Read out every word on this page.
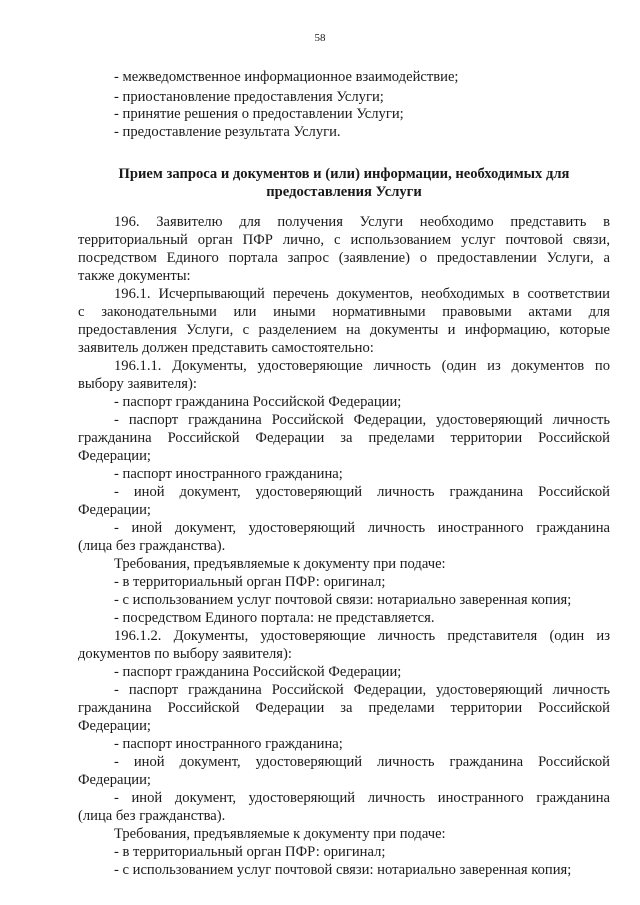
58
- межведомственное информационное взаимодействие;
- приостановление предоставления Услуги;
- принятие решения о предоставлении Услуги;
- предоставление результата Услуги.
Прием запроса и документов и (или) информации, необходимых для
предоставления Услуги
196. Заявителю для получения Услуги необходимо представить в
территориальный орган ПФР лично, с использованием услуг почтовой связи,
посредством Единого портала запрос (заявление) о предоставлении Услуги, а
также документы:
196.1. Исчерпывающий перечень документов, необходимых в соответствии
с законодательными или иными нормативными правовыми актами для
предоставления Услуги, с разделением на документы и информацию, которые
заявитель должен представить самостоятельно:
196.1.1. Документы, удостоверяющие личность (один из документов по
выбору заявителя):
- паспорт гражданина Российской Федерации;
- паспорт гражданина Российской Федерации, удостоверяющий личность
гражданина Российской Федерации за пределами территории Российской
Федерации;
- паспорт иностранного гражданина;
- иной документ, удостоверяющий личность гражданина Российской
Федерации;
- иной документ, удостоверяющий личность иностранного гражданина
(лица без гражданства).
Требования, предъявляемые к документу при подаче:
- в территориальный орган ПФР: оригинал;
- с использованием услуг почтовой связи: нотариально заверенная копия;
- посредством Единого портала: не представляется.
196.1.2. Документы, удостоверяющие личность представителя (один из
документов по выбору заявителя):
- паспорт гражданина Российской Федерации;
- паспорт гражданина Российской Федерации, удостоверяющий личность
гражданина Российской Федерации за пределами территории Российской
Федерации;
- паспорт иностранного гражданина;
- иной документ, удостоверяющий личность гражданина Российской
Федерации;
- иной документ, удостоверяющий личность иностранного гражданина
(лица без гражданства).
Требования, предъявляемые к документу при подаче:
- в территориальный орган ПФР: оригинал;
- с использованием услуг почтовой связи: нотариально заверенная копия;
